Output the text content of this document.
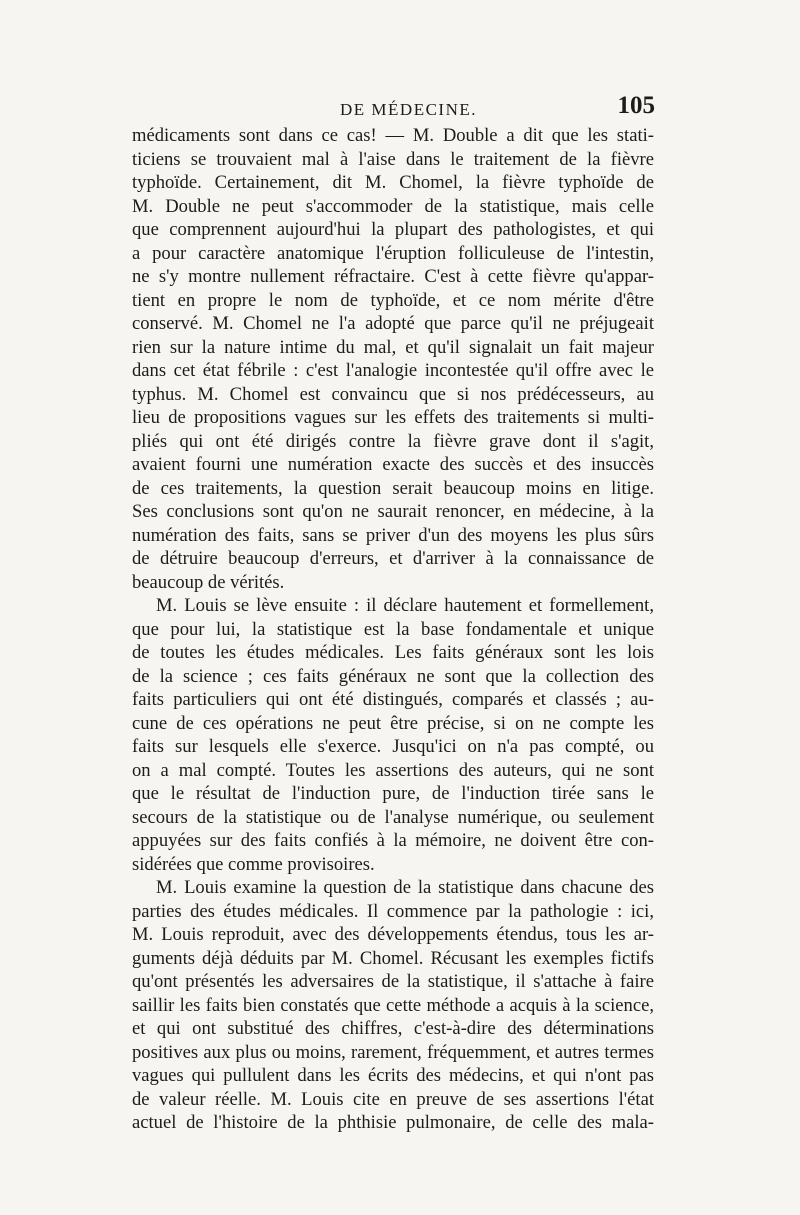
DE MÉDECINE.	105
médicaments sont dans ce cas! — M. Double a dit que les stati-
ticiens se trouvaient mal à l'aise dans le traitement de la fièvre
typhoïde. Certainement, dit M. Chomel, la fièvre typhoïde de
M. Double ne peut s'accommoder de la statistique, mais celle
que comprennent aujourd'hui la plupart des pathologistes, et qui
a pour caractère anatomique l'éruption folliculeuse de l'intestin,
ne s'y montre nullement réfractaire. C'est à cette fièvre qu'appar-
tient en propre le nom de typhoïde, et ce nom mérite d'être
conservé. M. Chomel ne l'a adopté que parce qu'il ne préjugeait
rien sur la nature intime du mal, et qu'il signalait un fait majeur
dans cet état fébrile : c'est l'analogie incontestée qu'il offre avec le
typhus. M. Chomel est convaincu que si nos prédécesseurs, au
lieu de propositions vagues sur les effets des traitements si multi-
pliés qui ont été dirigés contre la fièvre grave dont il s'agit,
avaient fourni une numération exacte des succès et des insuccès
de ces traitements, la question serait beaucoup moins en litige.
Ses conclusions sont qu'on ne saurait renoncer, en médecine, à la
numération des faits, sans se priver d'un des moyens les plus sûrs
de détruire beaucoup d'erreurs, et d'arriver à la connaissance de
beaucoup de vérités.
M. Louis se lève ensuite : il déclare hautement et formellement,
que pour lui, la statistique est la base fondamentale et unique
de toutes les études médicales. Les faits généraux sont les lois
de la science ; ces faits généraux ne sont que la collection des
faits particuliers qui ont été distingués, comparés et classés ; au-
cune de ces opérations ne peut être précise, si on ne compte les
faits sur lesquels elle s'exerce. Jusqu'ici on n'a pas compté, ou
on a mal compté. Toutes les assertions des auteurs, qui ne sont
que le résultat de l'induction pure, de l'induction tirée sans le
secours de la statistique ou de l'analyse numérique, ou seulement
appuyées sur des faits confiés à la mémoire, ne doivent être con-
sidérées que comme provisoires.
M. Louis examine la question de la statistique dans chacune des
parties des études médicales. Il commence par la pathologie : ici,
M. Louis reproduit, avec des développements étendus, tous les ar-
guments déjà déduits par M. Chomel. Récusant les exemples fictifs
qu'ont présentés les adversaires de la statistique, il s'attache à faire
saillir les faits bien constatés que cette méthode a acquis à la science,
et qui ont substitué des chiffres, c'est-à-dire des déterminations
positives aux plus ou moins, rarement, fréquemment, et autres termes
vagues qui pullulent dans les écrits des médecins, et qui n'ont pas
de valeur réelle. M. Louis cite en preuve de ses assertions l'état
actuel de l'histoire de la phthisie pulmonaire, de celle des mala-
